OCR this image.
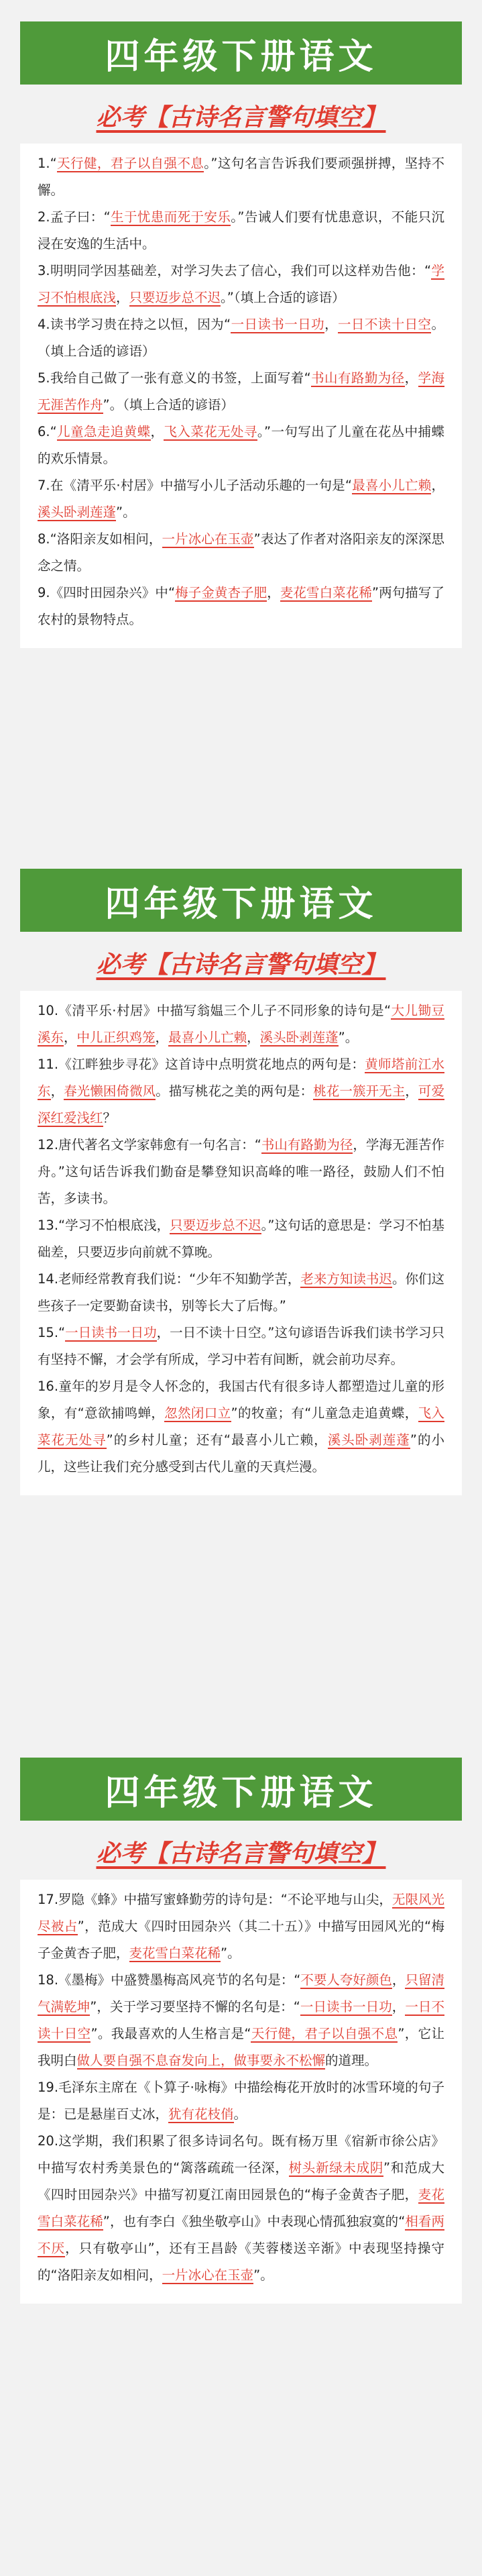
四年级下册语文
必考【古诗名言警句填空】

1.“天行健，君子以自强不息。”这句名言告诉我们要顽强拼搏，坚持不懈。

2.孟子曰：“生于忧患而死于安乐。”告诫人们要有忧患意识，不能只沉浸在安逸的生活中。

3.明明同学因基础差，对学习失去了信心，我们可以这样劝告他：“学习不怕根底浅，只要迈步总不迟。”（填上合适的谚语）

4.读书学习贵在持之以恒，因为“一日读书一日功，一日不读十日空。（填上合适的谚语）

5.我给自己做了一张有意义的书签，上面写着“书山有路勤为径，学海无涯苦作舟”。（填上合适的谚语）

6.“儿童急走追黄蝶，飞入菜花无处寻。”一句写出了儿童在花丛中捕蝶的欢乐情景。

7.在《清平乐·村居》中描写小儿子活动乐趣的一句是“最喜小儿亡赖，溪头卧剥莲蓬”。

8.“洛阳亲友如相问，一片冰心在玉壶”表达了作者对洛阳亲友的深深思念之情。

9.《四时田园杂兴》中“梅子金黄杏子肥，麦花雪白菜花稀”两句描写了农村的景物特点。

四年级下册语文
必考【古诗名言警句填空】

10.《清平乐·村居》中描写翁媪三个儿子不同形象的诗句是“大儿锄豆溪东，中儿正织鸡笼，最喜小儿亡赖，溪头卧剥莲蓬”。

11.《江畔独步寻花》这首诗中点明赏花地点的两句是：黄师塔前江水东，春光懒困倚微风。描写桃花之美的两句是：桃花一簇开无主，可爱深红爱浅红？

12.唐代著名文学家韩愈有一句名言：“书山有路勤为径，学海无涯苦作舟。”这句话告诉我们勤奋是攀登知识高峰的唯一路径，鼓励人们不怕苦，多读书。

13.“学习不怕根底浅，只要迈步总不迟。”这句话的意思是：学习不怕基础差，只要迈步向前就不算晚。

14.老师经常教育我们说：“少年不知勤学苦，老来方知读书迟。你们这些孩子一定要勤奋读书，别等长大了后悔。”

15.“一日读书一日功，一日不读十日空。”这句谚语告诉我们读书学习只有坚持不懈，才会学有所成，学习中若有间断，就会前功尽弃。

16.童年的岁月是令人怀念的，我国古代有很多诗人都塑造过儿童的形象，有“意欲捕鸣蝉，忽然闭口立”的牧童；有“儿童急走追黄蝶，飞入菜花无处寻”的乡村儿童；还有“最喜小儿亡赖，溪头卧剥莲蓬”的小儿，这些让我们充分感受到古代儿童的天真烂漫。

四年级下册语文
必考【古诗名言警句填空】

17.罗隐《蜂》中描写蜜蜂勤劳的诗句是：“不论平地与山尖，无限风光尽被占”，范成大《四时田园杂兴（其二十五）》中描写田园风光的“梅子金黄杏子肥，麦花雪白菜花稀”。

18.《墨梅》中盛赞墨梅高风亮节的名句是：“不要人夸好颜色，只留清气满乾坤”，关于学习要坚持不懈的名句是：“一日读书一日功，一日不读十日空”。我最喜欢的人生格言是“天行健，君子以自强不息”，它让我明白做人要自强不息奋发向上，做事要永不松懈的道理。

19.毛泽东主席在《卜算子·咏梅》中描绘梅花开放时的冰雪环境的句子是：已是悬崖百丈冰，犹有花枝俏。

20.这学期，我们积累了很多诗词名句。既有杨万里《宿新市徐公店》中描写农村秀美景色的“篱落疏疏一径深，树头新绿未成阴”和范成大《四时田园杂兴》中描写初夏江南田园景色的“梅子金黄杏子肥，麦花雪白菜花稀”，也有李白《独坐敬亭山》中表现心情孤独寂寞的“相看两不厌，只有敬亭山”，还有王昌龄《芙蓉楼送辛渐》中表现坚持操守的“洛阳亲友如相问，一片冰心在玉壶”。
